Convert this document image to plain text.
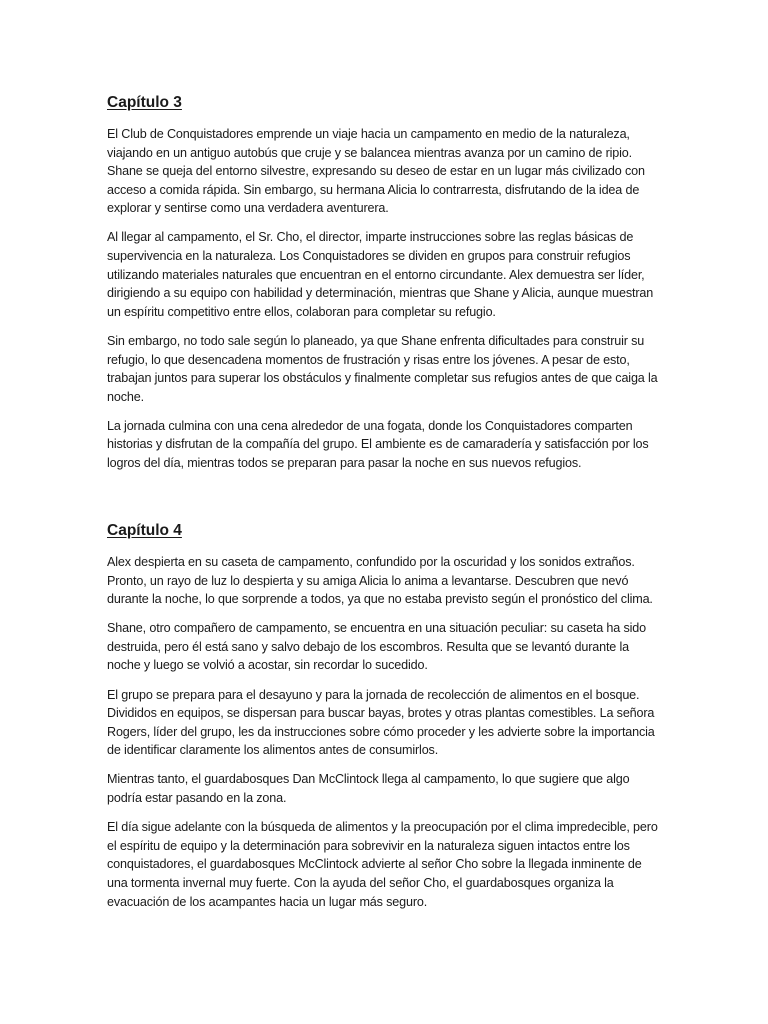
Capítulo 3

El Club de Conquistadores emprende un viaje hacia un campamento en medio de la naturaleza, viajando en un antiguo autobús que cruje y se balancea mientras avanza por un camino de ripio. Shane se queja del entorno silvestre, expresando su deseo de estar en un lugar más civilizado con acceso a comida rápida. Sin embargo, su hermana Alicia lo contrarresta, disfrutando de la idea de explorar y sentirse como una verdadera aventurera.

Al llegar al campamento, el Sr. Cho, el director, imparte instrucciones sobre las reglas básicas de supervivencia en la naturaleza. Los Conquistadores se dividen en grupos para construir refugios utilizando materiales naturales que encuentran en el entorno circundante. Alex demuestra ser líder, dirigiendo a su equipo con habilidad y determinación, mientras que Shane y Alicia, aunque muestran un espíritu competitivo entre ellos, colaboran para completar su refugio.

Sin embargo, no todo sale según lo planeado, ya que Shane enfrenta dificultades para construir su refugio, lo que desencadena momentos de frustración y risas entre los jóvenes. A pesar de esto, trabajan juntos para superar los obstáculos y finalmente completar sus refugios antes de que caiga la noche.

La jornada culmina con una cena alrededor de una fogata, donde los Conquistadores comparten historias y disfrutan de la compañía del grupo. El ambiente es de camaradería y satisfacción por los logros del día, mientras todos se preparan para pasar la noche en sus nuevos refugios.

Capítulo 4

Alex despierta en su caseta de campamento, confundido por la oscuridad y los sonidos extraños. Pronto, un rayo de luz lo despierta y su amiga Alicia lo anima a levantarse. Descubren que nevó durante la noche, lo que sorprende a todos, ya que no estaba previsto según el pronóstico del clima.

Shane, otro compañero de campamento, se encuentra en una situación peculiar: su caseta ha sido destruida, pero él está sano y salvo debajo de los escombros. Resulta que se levantó durante la noche y luego se volvió a acostar, sin recordar lo sucedido.

El grupo se prepara para el desayuno y para la jornada de recolección de alimentos en el bosque. Divididos en equipos, se dispersan para buscar bayas, brotes y otras plantas comestibles. La señora Rogers, líder del grupo, les da instrucciones sobre cómo proceder y les advierte sobre la importancia de identificar claramente los alimentos antes de consumirlos.

Mientras tanto, el guardabosques Dan McClintock llega al campamento, lo que sugiere que algo podría estar pasando en la zona.

El día sigue adelante con la búsqueda de alimentos y la preocupación por el clima impredecible, pero el espíritu de equipo y la determinación para sobrevivir en la naturaleza siguen intactos entre los conquistadores, el guardabosques McClintock advierte al señor Cho sobre la llegada inminente de una tormenta invernal muy fuerte. Con la ayuda del señor Cho, el guardabosques organiza la evacuación de los acampantes hacia un lugar más seguro.
